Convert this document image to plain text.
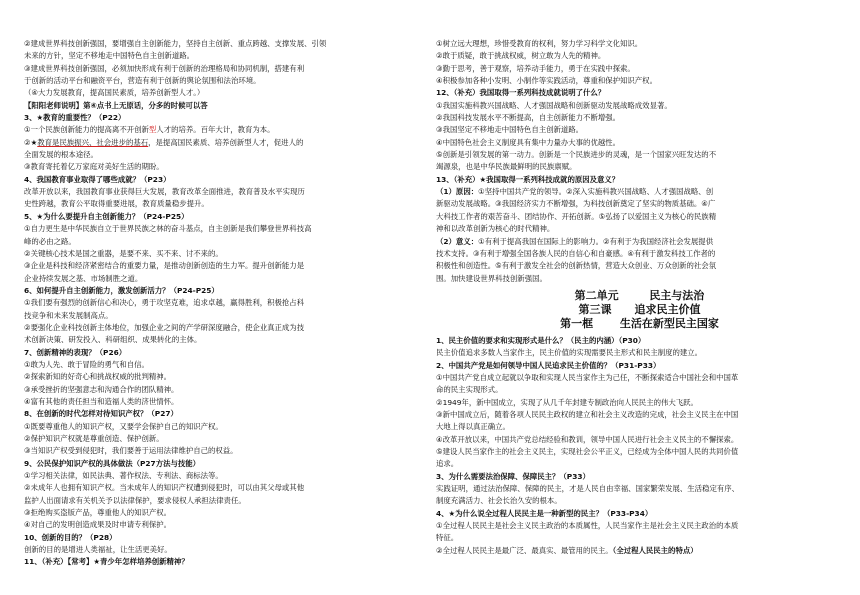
②建成世界科技创新强国，要增强自主创新能力，坚持自主创新、重点跨越、支撑发展、引领
未来的方针，坚定不移地走中国特色自主创新道路。
③建成世界科技创新强国，必须加快形成有利于创新的治理格局和协同机制，搭建有利
于创新的活动平台和融资平台，营造有利于创新的舆论氛围和法治环境。
（④大力发展教育，提高国民素质，培养创新型人才。）
【阳阳老师说明】第④点书上无原话，分多的时候可以答
3、★教育的重要性？（P22）
①一个民族创新能力的提高离不开创新型人才的培养。百年大计，教育为本。
②★教育是民族振兴、社会进步的基石，是提高国民素质、培养创新型人才，促进人的
全面发展的根本途径。
③教育寄托着亿万家庭对美好生活的期盼。
4、我国教育事业取得了哪些成就？（P23）
改革开放以来，我国教育事业获得巨大发展，教育改革全面推进，教育普及水平实现历
史性跨越，教育公平取得重要进展，教育质量稳步提升。
5、★为什么要提升自主创新能力？（P24-P25）
①自力更生是中华民族自立于世界民族之林的奋斗基点，自主创新是我们攀登世界科技高
峰的必由之路。
②关键核心技术是国之重器，是要不来、买不来、讨不来的。
③企业是科技和经济紧密结合的重要力量，是推动创新创造的生力军。提升创新能力是
企业持续发展之基、市场制胜之道。
6、如何提升自主创新能力，激发创新活力？（P24-P25）
①我们要有强烈的创新信心和决心，勇于攻坚克难，追求卓越，赢得胜利，积极抢占科
技竞争和未来发展制高点。
②要强化企业科技创新主体地位，加强企业之间的产学研深度融合，使企业真正成为技
术创新决策、研发投入、科研组织、成果转化的主体。
7、创新精神的表现？（P26）
①敢为人先、敢于冒险的勇气和自信。
②探索新知的好奇心和挑战权威的批判精神。
③承受挫折的坚强意志和沟通合作的团队精神。
④富有其他的责任担当和造福人类的济世情怀。
8、在创新的时代怎样对待知识产权？（P27）
①既要尊重他人的知识产权，又要学会保护自己的知识产权。
②保护知识产权就是尊重创造、保护创新。
③当知识产权受到侵犯时，我们要善于运用法律维护自己的权益。
9、公民保护知识产权的具体做法（P27方法与技能）
①学习相关法律，如民法典、著作权法、专利法、商标法等。
②未成年人也拥有知识产权。当未成年人的知识产权遭到侵犯时，可以由其父母或其他
监护人出面请求有关机关予以法律保护，要求侵权人承担法律责任。
③拒绝购买盗版产品，尊重他人的知识产权。
④对自己的发明创造成果及时申请专利保护。
10、创新的目的？（P28）
创新的目的是增进人类福祉，让生活更美好。
11、（补充）【常考】★青少年怎样培养创新精神？
①树立远大理想，珍惜受教育的权利，努力学习科学文化知识。
②敢于质疑，敢于挑战权威，树立敢为人先的精神。
③勤于思考，善于观察，培养动手能力，勇于在实践中探索。
④积极参加各种小发明、小制作等实践活动，尊重和保护知识产权。
12、（补充）我国取得一系列科技成就说明了什么？
①我国实施科教兴国战略、人才强国战略和创新驱动发展战略成效显著。
②我国科技发展水平不断提高，自主创新能力不断增强。
③我国坚定不移地走中国特色自主创新道路。
④中国特色社会主义制度具有集中力量办大事的优越性。
⑤创新是引领发展的第一动力。创新是一个民族进步的灵魂，是一个国家兴旺发达的不
竭源泉，也是中华民族最鲜明的民族禀赋。
13、（补充）★我国取得一系列科技成就的原因及意义？
（1）原因：①坚持中国共产党的领导。②深入实施科教兴国战略、人才强国战略、创
新驱动发展战略。③我国经济实力不断增强，为科技创新奠定了坚实的物质基础。④广
大科技工作者的艰苦奋斗、团结协作、开拓创新。⑤弘扬了以爱国主义为核心的民族精
神和以改革创新为核心的时代精神。
（2）意义：①有利于提高我国在国际上的影响力。②有利于为我国经济社会发展提供
技术支持。③有利于增强全国各族人民的自信心和自豪感。④有利于激发科技工作者的
积极性和创造性。⑤有利于激发全社会的创新热情，营造大众创业、万众创新的社会氛
围。加快建设世界科技创新强国。
第二单元	民主与法治
第三课 追求民主价值
第一框 生活在新型民主国家
1、民主价值的要求和实现形式是什么？（民主的内涵）（P30）
民主价值追求多数人当家作主，民主价值的实现需要民主形式和民主制度的建立。
2、中国共产党是如何领导中国人民追求民主价值的？（P31-P33）
①中国共产党自成立起就以争取和实现人民当家作主为己任，不断探索适合中国社会和中国革
命的民主实现形式。
②1949年，新中国成立，实现了从几千年封建专制政治向人民民主的伟大飞跃。
③新中国成立后，随着各项人民民主政权的建立和社会主义改造的完成，社会主义民主在中国
大地上得以真正确立。
④改革开放以来，中国共产党总结经验和教训，领导中国人民进行社会主义民主的不懈探索。
⑤建设人民当家作主的社会主义民主，实现社会公平正义，已经成为全体中国人民的共同价值
追求。
3、为什么需要法治保障、保障民主？（P33）
实践证明，通过法治保障、保障的民主，才是人民自由幸福、国家繁荣发展、生活稳定有序、
制度充满活力、社会长治久安的根本。
4、★为什么说全过程人民民主是一种新型的民主？（P33-P34）
①全过程人民民主是社会主义民主政治的本质属性，人民当家作主是社会主义民主政治的本质
特征。
②全过程人民民主是最广泛、最真实、最管用的民主。（全过程人民民主的特点）
